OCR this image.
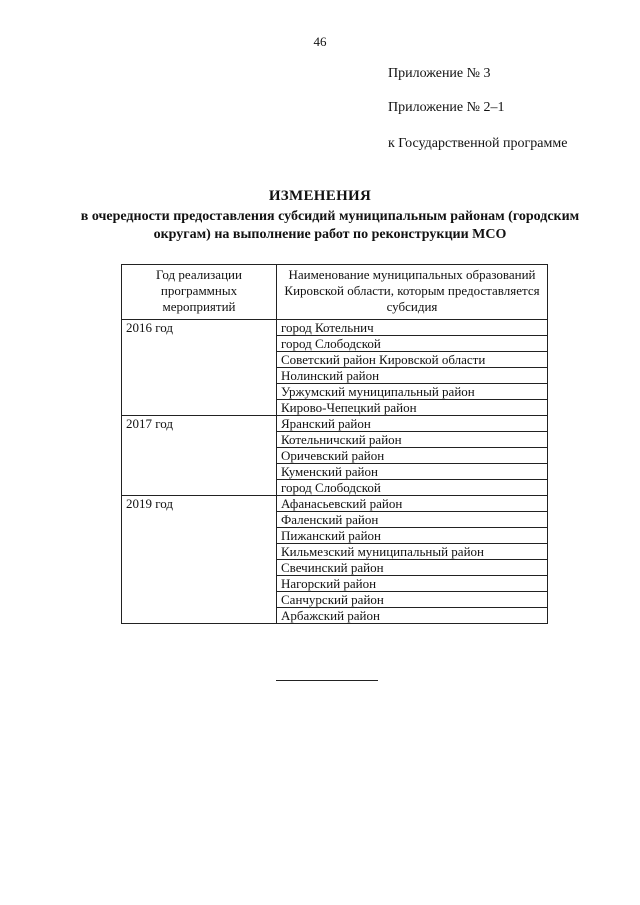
46
Приложение № 3
Приложение № 2–1
к Государственной программе
ИЗМЕНЕНИЯ
в очередности предоставления субсидий муниципальным районам (городским округам) на выполнение работ по реконструкции МСО
Год реализации программных мероприятий	Наименование муниципальных образований Кировской области, которым предоставляется субсидия
2016 год	город Котельнич
	город Слободской
	Советский район Кировской области
	Нолинский район
	Уржумский муниципальный район
	Кирово-Чепецкий район
2017 год	Яранский район
	Котельничский район
	Оричевский район
	Куменский район
	город Слободской
2019 год	Афанасьевский район
	Фаленский район
	Пижанский район
	Кильмезский муниципальный район
	Свечинский район
	Нагорский район
	Санчурский район
	Арбажский район
